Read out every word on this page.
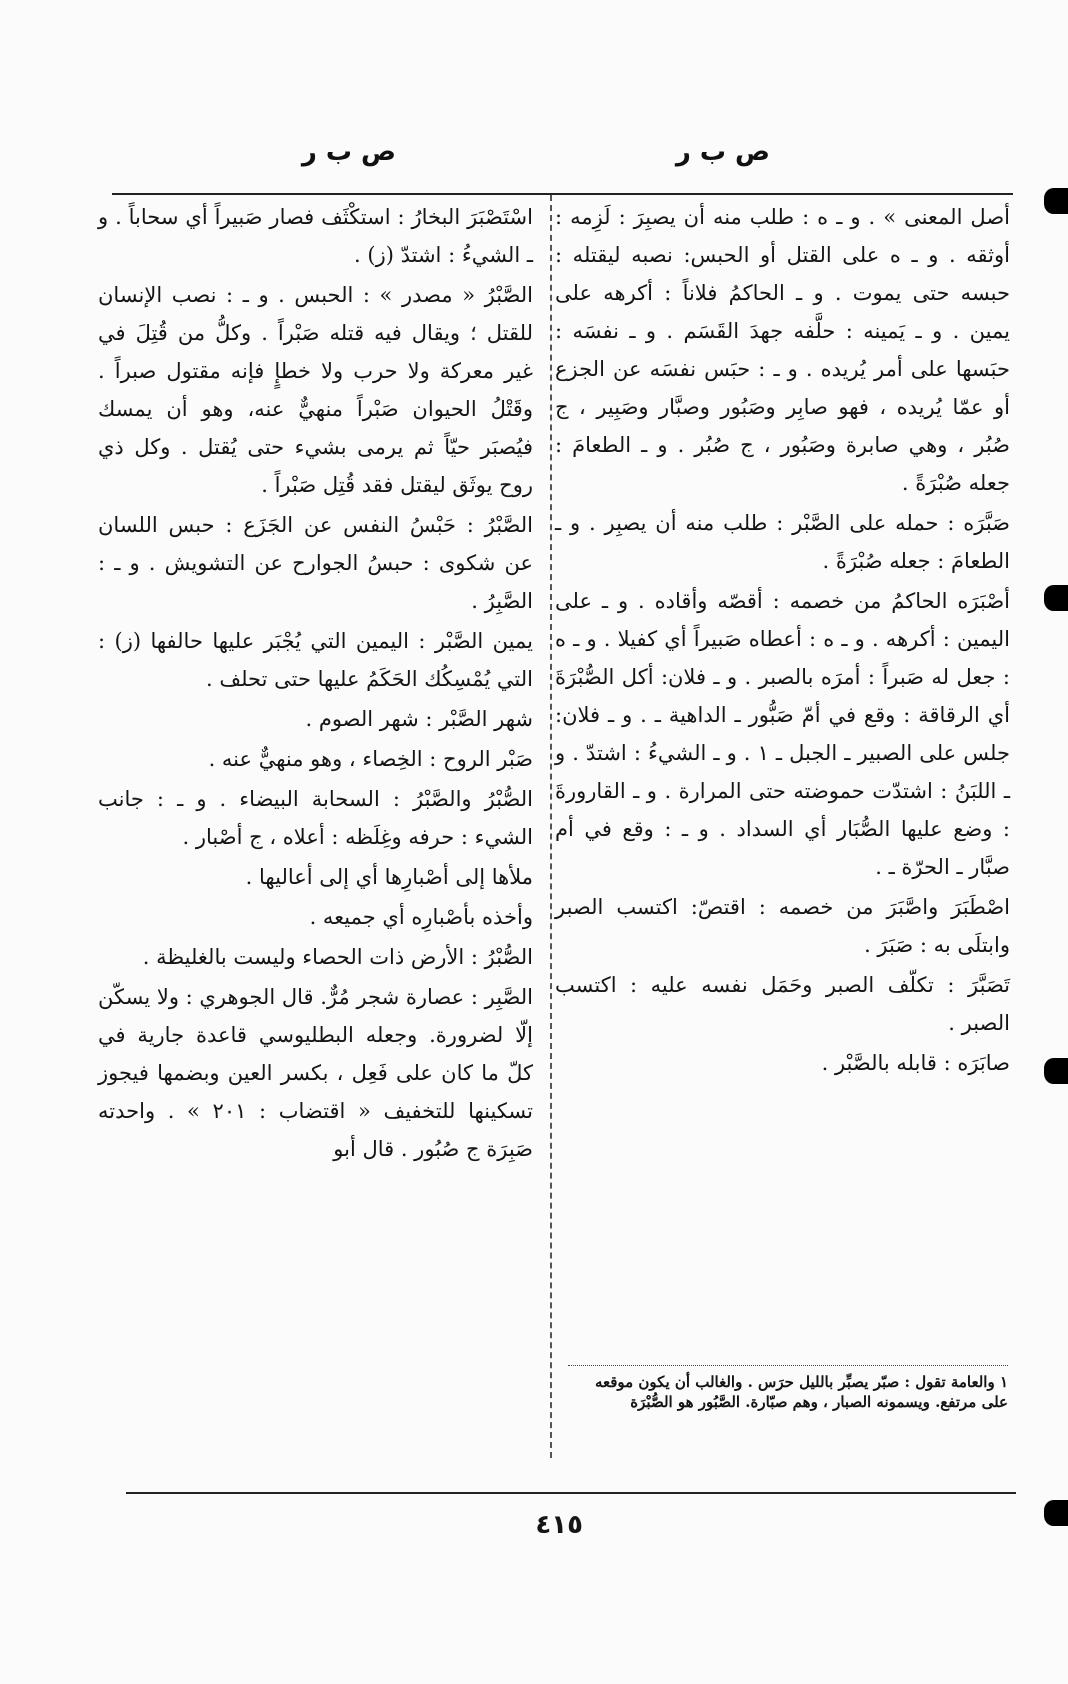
ص ب ر
ص ب ر

أصل المعنى » . و ـ ه : طلب منه أن يصبِرَ : لَزِمه : أوثقه . و ـ ه على القتل أو الحبس: نصبه ليقتله : حبسه حتى يموت . و ـ الحاكمُ فلاناً : أكرهه على يمين . و ـ يَمينه : حلَّفه جهدَ القَسَم . و ـ نفسَه : حبَسها على أمر يُريده . و ـ : حبَس نفسَه عن الجزع أو عمّا يُريده ، فهو صابِر وصَبُور وصبَّار وصَبِير ، ج صُبُر ، وهي صابرة وصَبُور ، ج صُبُر . و ـ الطعامَ : جعله صُبْرَةً .

صَبَّرَه : حمله على الصَّبْر : طلب منه أن يصبِر . و ـ الطعامَ : جعله صُبْرَةً .

أصْبَرَه الحاكمُ من خصمه : أقصّه وأقاده . و ـ على اليمين : أكرهه . و ـ ه : أعطاه صَبيراً أي كفيلا . و ـ ه : جعل له صَبراً : أمرَه بالصبر . و ـ فلان: أكل الصُّبْرَةَ أي الرقاقة : وقع في أمّ صَبُّور ـ الداهية ـ . و ـ فلان: جلس على الصبير ـ الجبل ـ ١ . و ـ الشيءُ : اشتدّ . و ـ اللبَنُ : اشتدّت حموضته حتى المرارة . و ـ القارورةَ : وضع عليها الصُّبَار أي السداد . و ـ : وقع في أم صبَّار ـ الحرّة ـ .

اصْطَبَرَ واصَّبَرَ من خصمه : اقتصّ: اكتسب الصبر وابتلَى به : صَبَرَ .

تَصَبَّرَ : تكلّف الصبر وحَمَل نفسه عليه : اكتسب الصبر .

صابَرَه : قابله بالصَّبْر .

١ والعامة تقول : صبّر يصبِّر بالليل حرَس . والغالب أن يكون موقعه على مرتفع. ويسمونه الصبار ، وهم صبّارة. الصَّبُور هو الصُّبْرَة

اسْتَصْبَرَ البخارُ : استكْثَف فصار صَبيراً أي سحاباً . و ـ الشيءُ : اشتدّ (ز) .

الصَّبْرُ « مصدر » : الحبس . و ـ : نصب الإنسان للقتل ؛ ويقال فيه قتله صَبْراً . وكلُّ من قُتِلَ في غير معركة ولا حرب ولا خطإٍ فإنه مقتول صبراً . وقَتْلُ الحيوان صَبْراً منهيٌّ عنه، وهو أن يمسك فيُصبَر حيّاً ثم يرمى بشيء حتى يُقتل . وكل ذي روح يوثَق ليقتل فقد قُتِل صَبْراً .

الصَّبْرُ : حَبْسُ النفس عن الجَزَع : حبس اللسان عن شكوى : حبسُ الجوارح عن التشويش . و ـ : الصَّبِرُ .

يمين الصَّبْر : اليمين التي يُجْبَر عليها حالفها (ز) : التي يُمْسِكُك الحَكَمُ عليها حتى تحلف .

شهر الصَّبْر : شهر الصوم .

صَبْر الروح : الخِصاء ، وهو منهيٌّ عنه .

الصُّبْرُ والصَّبْرُ : السحابة البيضاء . و ـ : جانب الشيء : حرفه وغِلَظه : أعلاه ، ج أصْبار .

ملأها إلى أصْبارِها أي إلى أعاليها .

وأخذه بأصْبارِه أي جميعه .

الصُّبْرُ : الأرض ذات الحصاء وليست بالغليظة .

الصَّبِر : عصارة شجر مُرٌّ. قال الجوهري : ولا يسكّن إلّا لضرورة. وجعله البطليوسي قاعدة جارية في كلّ ما كان على فَعِل ، بكسر العين وبضمها فيجوز تسكينها للتخفيف « اقتضاب : ٢٠١ » . واحدته صَبِرَة ج صُبُور . قال أبو

٤١٥
